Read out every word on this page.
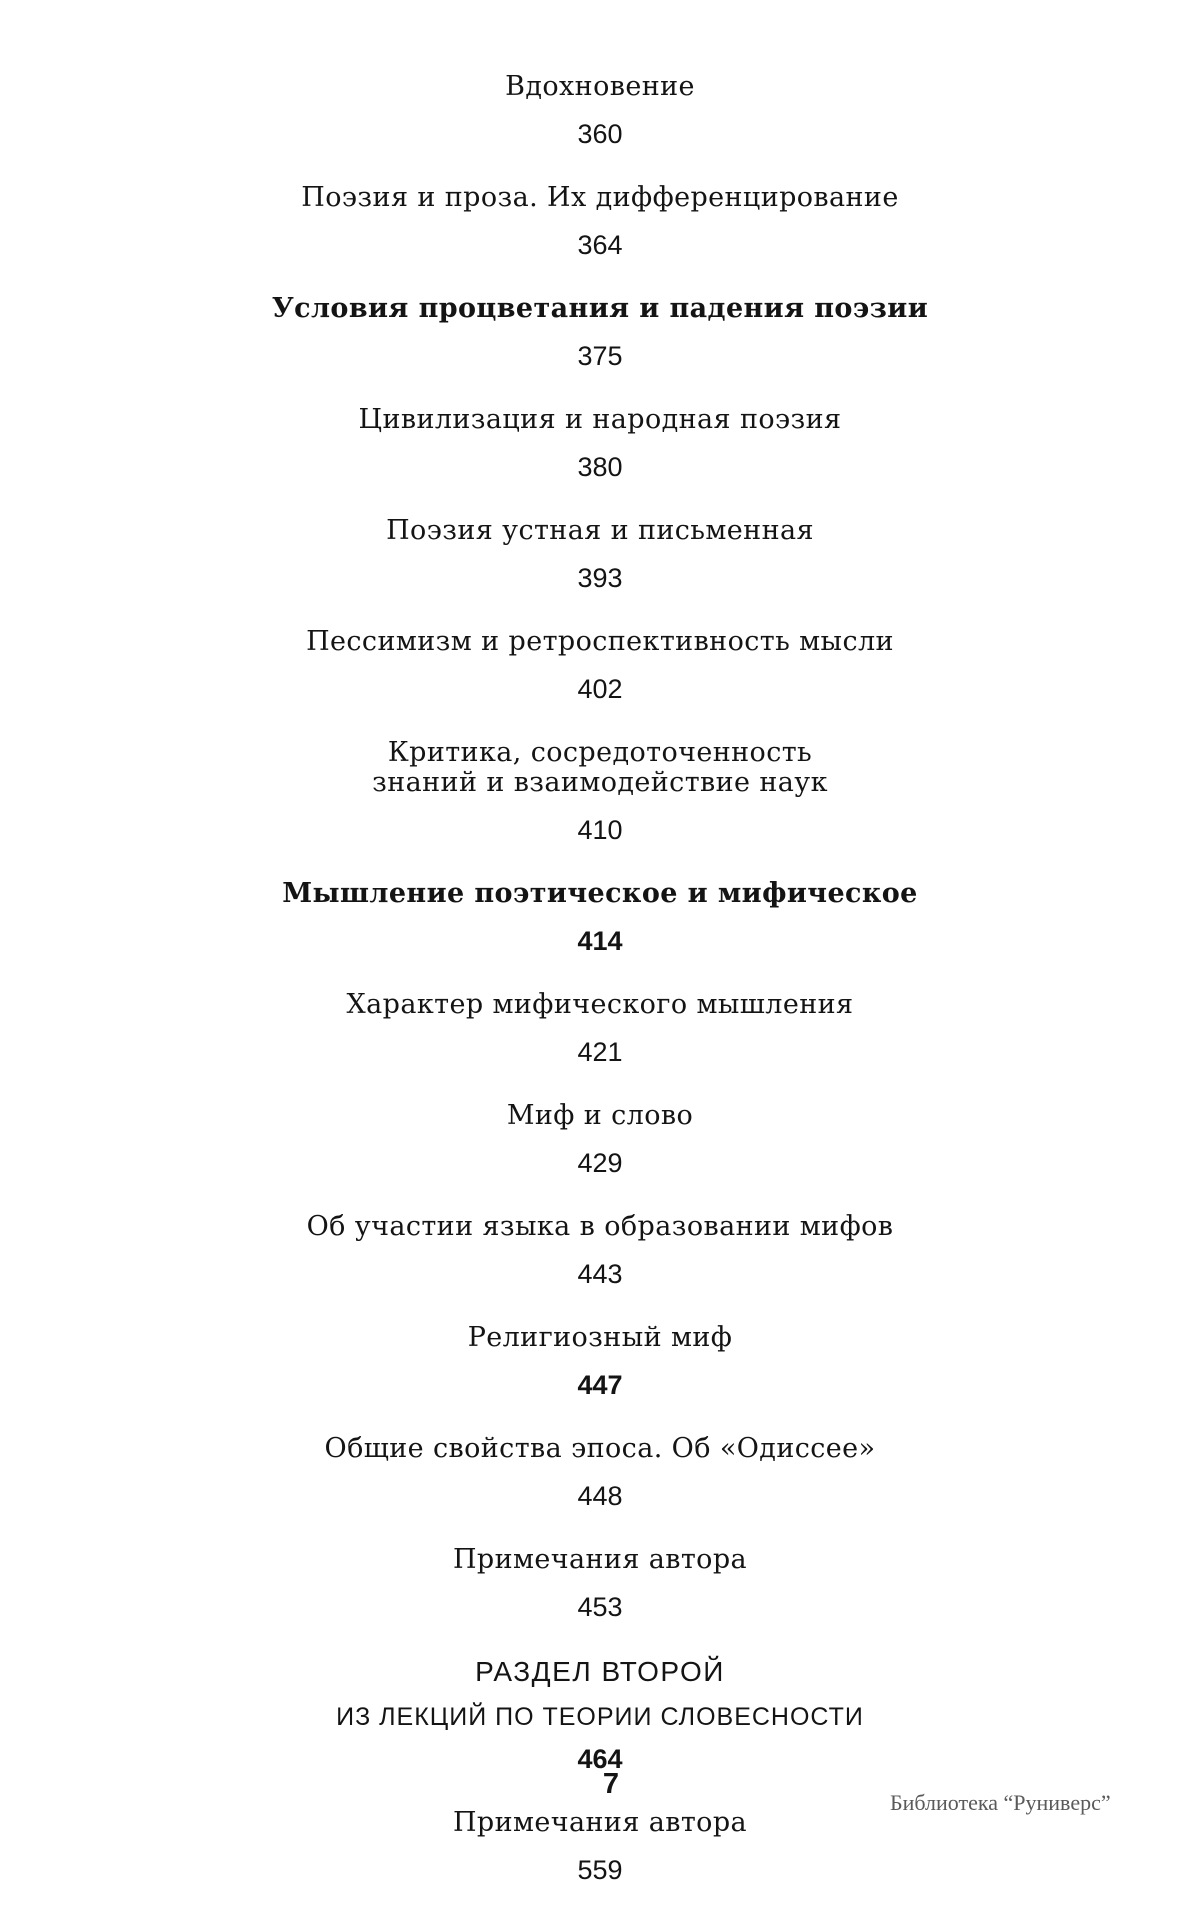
Вдохновение
360
Поэзия и проза. Их дифференцирование
364
Условия процветания и падения поэзии
375
Цивилизация и народная поэзия
380
Поэзия устная и письменная
393
Пессимизм и ретроспективность мысли
402
Критика, сосредоточенность знаний и взаимодействие наук
410
Мышление поэтическое и мифическое
414
Характер мифического мышления
421
Миф и слово
429
Об участии языка в образовании мифов
443
Религиозный миф
447
Общие свойства эпоса. Об «Одиссее»
448
Примечания автора
453
РАЗДЕЛ ВТОРОЙ
ИЗ ЛЕКЦИЙ ПО ТЕОРИИ СЛОВЕСНОСТИ
464
Примечания автора
559
7
Библиотека “Руниверс”
